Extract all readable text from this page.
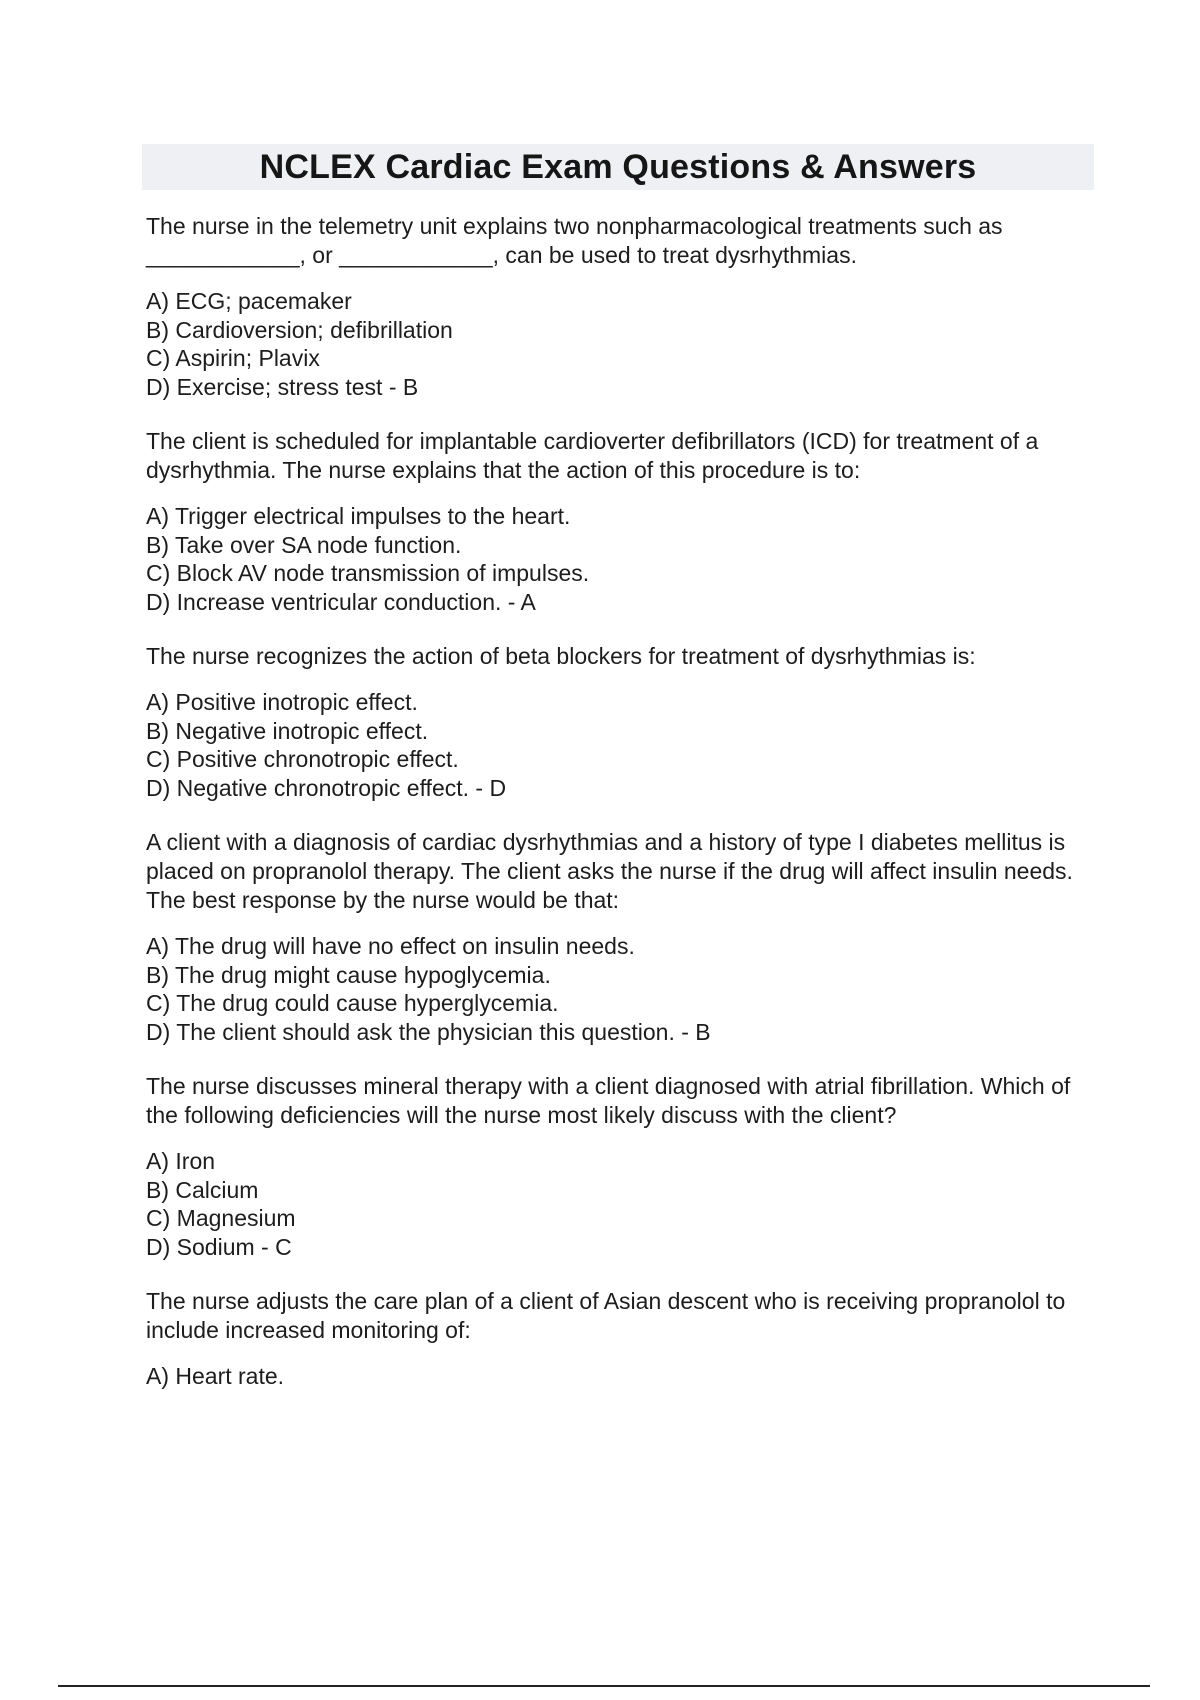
NCLEX Cardiac Exam Questions & Answers

The nurse in the telemetry unit explains two nonpharmacological treatments such as ____________, or ____________, can be used to treat dysrhythmias.

A) ECG; pacemaker
B) Cardioversion; defibrillation
C) Aspirin; Plavix
D) Exercise; stress test - B

The client is scheduled for implantable cardioverter defibrillators (ICD) for treatment of a dysrhythmia. The nurse explains that the action of this procedure is to:

A) Trigger electrical impulses to the heart.
B) Take over SA node function.
C) Block AV node transmission of impulses.
D) Increase ventricular conduction. - A

The nurse recognizes the action of beta blockers for treatment of dysrhythmias is:

A) Positive inotropic effect.
B) Negative inotropic effect.
C) Positive chronotropic effect.
D) Negative chronotropic effect. - D

A client with a diagnosis of cardiac dysrhythmias and a history of type I diabetes mellitus is placed on propranolol therapy. The client asks the nurse if the drug will affect insulin needs. The best response by the nurse would be that:

A) The drug will have no effect on insulin needs.
B) The drug might cause hypoglycemia.
C) The drug could cause hyperglycemia.
D) The client should ask the physician this question. - B

The nurse discusses mineral therapy with a client diagnosed with atrial fibrillation. Which of the following deficiencies will the nurse most likely discuss with the client?

A) Iron
B) Calcium
C) Magnesium
D) Sodium - C

The nurse adjusts the care plan of a client of Asian descent who is receiving propranolol to include increased monitoring of:

A) Heart rate.
